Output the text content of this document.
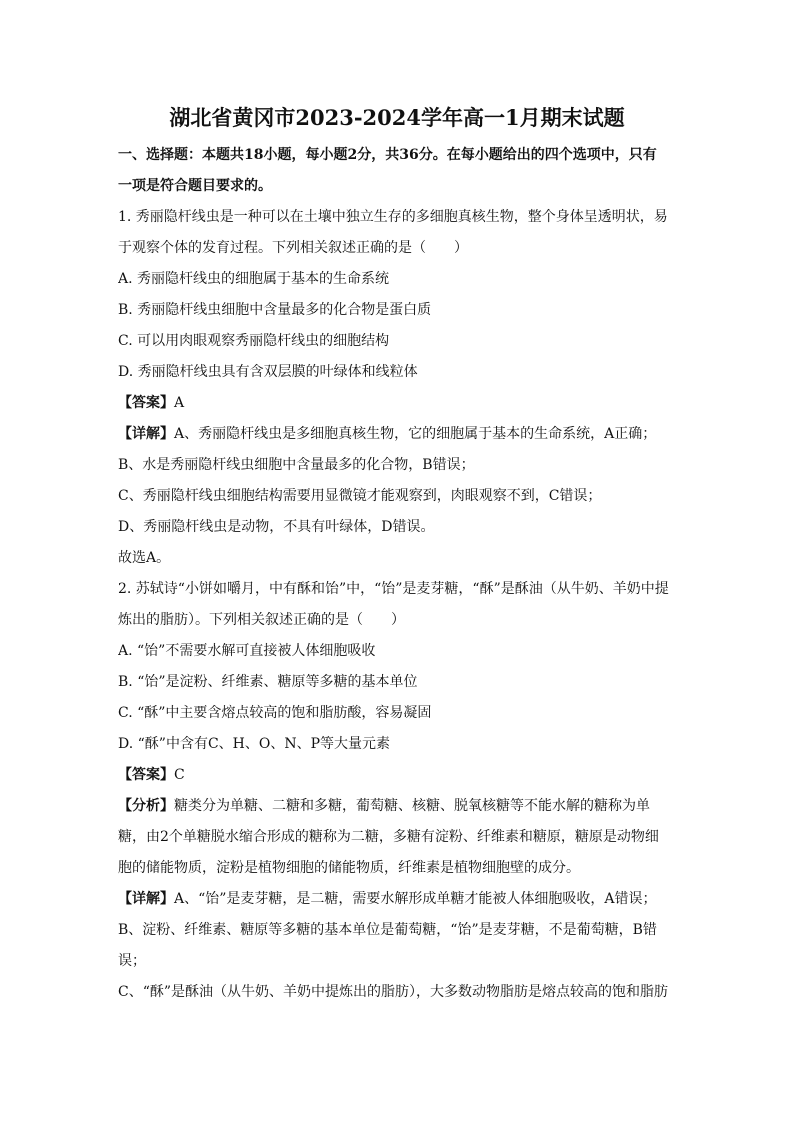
湖北省黄冈市2023-2024学年高一1月期末试题
一、选择题：本题共18小题，每小题2分，共36分。在每小题给出的四个选项中，只有
一项是符合题目要求的。
1. 秀丽隐杆线虫是一种可以在土壤中独立生存的多细胞真核生物，整个身体呈透明状，易
于观察个体的发育过程。下列相关叙述正确的是（　　）
A. 秀丽隐杆线虫的细胞属于基本的生命系统
B. 秀丽隐杆线虫细胞中含量最多的化合物是蛋白质
C. 可以用肉眼观察秀丽隐杆线虫的细胞结构
D. 秀丽隐杆线虫具有含双层膜的叶绿体和线粒体
【答案】A
【详解】A、秀丽隐杆线虫是多细胞真核生物，它的细胞属于基本的生命系统，A正确；
B、水是秀丽隐杆线虫细胞中含量最多的化合物，B错误；
C、秀丽隐杆线虫细胞结构需要用显微镜才能观察到，肉眼观察不到，C错误；
D、秀丽隐杆线虫是动物，不具有叶绿体，D错误。
故选A。
2. 苏轼诗“小饼如嚼月，中有酥和饴”中，“饴”是麦芽糖，“酥”是酥油（从牛奶、羊奶中提
炼出的脂肪）。下列相关叙述正确的是（　　）
A. “饴”不需要水解可直接被人体细胞吸收
B. “饴”是淀粉、纤维素、糖原等多糖的基本单位
C. “酥”中主要含熔点较高的饱和脂肪酸，容易凝固
D. “酥”中含有C、H、O、N、P等大量元素
【答案】C
【分析】糖类分为单糖、二糖和多糖，葡萄糖、核糖、脱氧核糖等不能水解的糖称为单
糖，由2个单糖脱水缩合形成的糖称为二糖，多糖有淀粉、纤维素和糖原，糖原是动物细
胞的储能物质，淀粉是植物细胞的储能物质，纤维素是植物细胞壁的成分。
【详解】A、“饴”是麦芽糖，是二糖，需要水解形成单糖才能被人体细胞吸收，A错误；
B、淀粉、纤维素、糖原等多糖的基本单位是葡萄糖，“饴”是麦芽糖，不是葡萄糖，B错
误；
C、“酥”是酥油（从牛奶、羊奶中提炼出的脂肪），大多数动物脂肪是熔点较高的饱和脂肪
